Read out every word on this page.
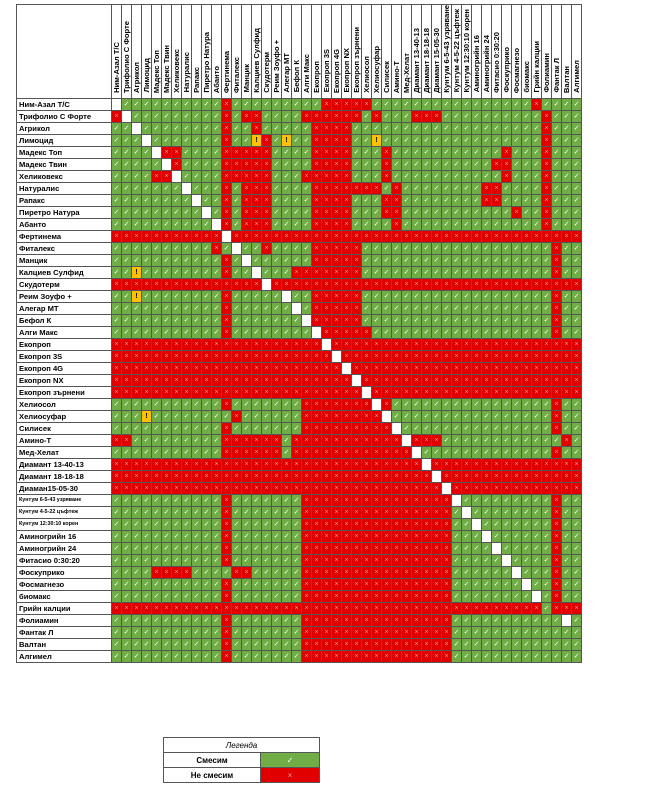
	Ним-Азал Т/С	Трифолио С Форте	Агрикол	Лимоцид	Мадекс Топ	Мадекс Твин	Хеликовекс	Натуралис	Рапакс	Пиретро Натура	Абанто	Фертинема	Фиталекс	Манцик	Калциев Сулфид	Скудотерм	Реим Зоуфо +	Алегар МТ	Бефол К	Алги Макс	Екопроп	Екопроп 3S	Екопроп 4G	Екопроп NX	Екопроп зърнени	Хелиосол	Хелиосуфар	Силисек	Амино-Т	Мед-Хелат	Диамант 13-40-13	Диамант 18-18-18	Диамант 15-05-30	Кунтум 6-5-43 узряване	Кунтум 4-5-22 цъфтеж	Кунтум 12:30:10 корен	Аминогрийн 16	Аминогрийн 24	Фитасио 0:30:20	Фоскуприко	Фосмагнезо	биомакс	Грийн калции	Фолиамин	Фантак Л	Валтан	Алгимел
Ним-Азал Т/С		✓	✓	✓	✓	✓	✓	✓	✓	✓	✓	×	✓	✓	✓	✓	✓	✓	✓	✓	✓	×	×	×	×	×	✓	✓	✓	✓	✓	✓	✓	✓	✓	✓	✓	✓	✓	✓	✓	✓	×	✓	✓	✓	✓
Трифолио С Форте	×		✓	✓	✓	✓	✓	✓	✓	✓	✓	×	✓	×	×	✓	✓	✓	✓	×	×	×	×	×	×	✓	×	✓	✓	✓	×	×	×	✓	✓	✓	✓	✓	✓	✓	✓	✓	✓	×	✓	✓	✓
Агрикол	✓	✓		✓	✓	✓	✓	✓	✓	✓	✓	×	✓	✓	×	✓	✓	✓	✓	✓	×	×	×	×	✓	✓	✓	✓	✓	✓	✓	✓	✓	✓	✓	✓	✓	✓	✓	✓	✓	✓	✓	×	✓	✓	✓
Лимоцид	✓	✓	✓		✓	✓	✓	✓	✓	✓	✓	×	✓	✓	!	×	✓	!	✓	✓	×	×	×	×	✓	✓	!	✓	✓	✓	✓	✓	✓	✓	✓	✓	✓	✓	✓	✓	✓	✓	✓	×	✓	✓	✓
Мадекс Топ	✓	✓	✓	✓		×	×	✓	✓	✓	✓	×	×	×	×	×	✓	✓	✓	✓	×	×	×	×	✓	✓	✓	×	✓	✓	✓	✓	✓	✓	✓	✓	✓	✓	✓	×	✓	✓	✓	×	✓	✓	✓
Мадекс Твин	✓	✓	✓	✓	✓		×	✓	✓	✓	✓	×	×	×	×	×	✓	✓	✓	✓	×	×	×	×	✓	✓	✓	×	✓	✓	✓	✓	✓	✓	✓	✓	✓	✓	×	×	✓	✓	✓	×	✓	✓	✓
Хеликовекс	✓	✓	✓	✓	×	×		✓	✓	✓	✓	×	×	×	×	×	✓	✓	✓	×	×	×	×	×	✓	✓	✓	×	✓	✓	✓	✓	✓	✓	✓	✓	✓	✓	✓	×	✓	✓	✓	×	✓	✓	✓
Натуралис	✓	✓	✓	✓	✓	✓	✓		✓	✓	✓	×	✓	×	×	×	✓	✓	✓	✓	×	×	×	×	×	×	×	✓	×	✓	✓	✓	✓	✓	✓	✓	✓	×	×	✓	✓	✓	✓	×	✓	✓	✓
Рапакс	✓	✓	✓	✓	✓	✓	✓	✓		✓	✓	×	✓	×	×	×	✓	✓	✓	✓	×	×	×	×	✓	✓	✓	×	×	✓	✓	✓	✓	✓	✓	✓	✓	×	×	✓	✓	✓	✓	×	✓	✓	✓
Пиретро Натура	✓	✓	✓	✓	✓	✓	✓	✓	✓		✓	×	✓	×	×	×	✓	✓	✓	✓	×	×	×	×	✓	✓	✓	×	×	✓	✓	✓	✓	✓	✓	✓	✓	✓	✓	✓	×	✓	✓	×	✓	✓	✓
Абанто	✓	✓	✓	✓	✓	✓	✓	✓	✓	✓		×	✓	×	×	×	✓	✓	✓	✓	×	×	×	×	✓	✓	✓	✓	×	✓	✓	✓	✓	✓	✓	✓	✓	✓	✓	✓	✓	✓	✓	×	✓	✓	✓
Фертинема	×	×	×	×	×	×	×	×	×	×	×		×	×	×	×	×	×	×	×	×	×	×	×	×	×	×	×	×	×	×	×	×	×	×	×	×	×	×	×	×	×	×	×	×	×	×
Фиталекс	✓	✓	✓	✓	✓	✓	✓	✓	✓	✓	×	✓		✓	✓	×	✓	✓	✓	✓	×	×	×	×	×	✓	✓	✓	✓	✓	✓	✓	✓	✓	✓	✓	✓	✓	✓	✓	✓	✓	✓	✓	×	✓	✓
Манцик	✓	✓	✓	✓	✓	✓	✓	✓	✓	✓	✓	×	✓		✓	✓	✓	✓	✓	✓	×	×	×	×	×	✓	✓	✓	✓	✓	✓	✓	✓	✓	✓	✓	✓	✓	✓	✓	✓	✓	✓	✓	×	✓	✓
Калциев Сулфид	✓	✓	!	✓	✓	✓	✓	✓	✓	✓	✓	×	✓	✓		✓	✓	✓	×	×	×	×	×	×	×	✓	✓	✓	✓	✓	✓	✓	✓	✓	✓	✓	✓	✓	✓	✓	✓	✓	✓	✓	×	✓	✓
Скудотерм	×	×	×	×	×	×	×	×	×	×	×	×	×	×	×		×	×	×	×	×	×	×	×	×	×	×	×	×	×	×	×	×	×	×	×	×	×	×	×	×	×	×	×	×	×	×
Реим Зоуфо +	✓	✓	!	✓	✓	✓	✓	✓	✓	✓	✓	×	✓	✓	✓	✓	✓		✓	✓	×	×	×	×	×	✓	✓	✓	✓	✓	✓	✓	✓	✓	✓	✓	✓	✓	✓	✓	✓	✓	✓	✓	×	✓	✓
Алегар МТ	✓	✓	✓	✓	✓	✓	✓	✓	✓	✓	✓	×	✓	✓	✓	✓	✓	✓		✓	×	×	×	×	×	✓	✓	✓	✓	✓	✓	✓	✓	✓	✓	✓	✓	✓	✓	✓	✓	✓	✓	✓	×	✓	✓
Бефол К	✓	✓	✓	✓	✓	✓	✓	✓	✓	✓	✓	×	✓	✓	✓	✓	✓	✓	✓		×	×	×	×	×	✓	✓	✓	✓	✓	✓	✓	✓	✓	✓	✓	✓	✓	✓	✓	✓	✓	✓	✓	×	✓	✓
Алги Макс	✓	✓	✓	✓	✓	✓	✓	✓	✓	✓	✓	×	✓	✓	✓	✓	✓	✓	✓	✓		×	×	×	×	×	✓	✓	✓	✓	✓	✓	✓	✓	✓	✓	✓	✓	✓	✓	✓	✓	✓	✓	×	✓	✓
Екопроп	×	×	×	×	×	×	×	×	×	×	×	×	×	×	×	×	×	×	×	×	×		×	×	×	×	×	×	×	×	×	×	×	×	×	×	×	×	×	×	×	×	×	×	×	×	×
Екопроп 3S	×	×	×	×	×	×	×	×	×	×	×	×	×	×	×	×	×	×	×	×	×	×		×	×	×	×	×	×	×	×	×	×	×	×	×	×	×	×	×	×	×	×	×	×	×	×
Екопроп 4G	×	×	×	×	×	×	×	×	×	×	×	×	×	×	×	×	×	×	×	×	×	×	×		×	×	×	×	×	×	×	×	×	×	×	×	×	×	×	×	×	×	×	×	×	×	×
Екопроп NX	×	×	×	×	×	×	×	×	×	×	×	×	×	×	×	×	×	×	×	×	×	×	×	×		×	×	×	×	×	×	×	×	×	×	×	×	×	×	×	×	×	×	×	×	×	×
Екопроп зърнени	×	×	×	×	×	×	×	×	×	×	×	×	×	×	×	×	×	×	×	×	×	×	×	×	×		×	×	×	×	×	×	×	×	×	×	×	×	×	×	×	×	×	×	×	×	×
Хелиосол	✓	✓	✓	✓	✓	✓	✓	✓	✓	✓	✓	×	✓	✓	✓	✓	✓	✓	✓	×	×	×	×	×	×	×		×	✓	✓	✓	✓	✓	✓	✓	✓	✓	✓	✓	✓	✓	✓	✓	✓	×	✓	✓
Хелиосуфар	✓	✓	✓	!	✓	✓	✓	✓	✓	✓	✓	✓	×	✓	✓	✓	✓	✓	✓	×	×	×	×	×	×	×	×		✓	✓	✓	✓	✓	✓	✓	✓	✓	✓	✓	✓	✓	✓	✓	✓	×	✓	✓
Силисек	✓	✓	✓	✓	✓	✓	✓	✓	✓	✓	✓	×	✓	✓	✓	✓	✓	✓	✓	×	×	×	×	×	×	×	×	×		✓	✓	✓	✓	✓	✓	✓	✓	✓	✓	✓	✓	✓	✓	✓	×	✓	✓
Амино-Т	×	×	✓	✓	✓	✓	✓	✓	✓	✓	✓	×	×	×	×	×	×	✓	×	×	×	×	×	×	×	×	×	×	×		×	×	×	✓	✓	✓	✓	✓	✓	✓	✓	✓	✓	✓	✓	×	✓
Мед-Хелат	✓	✓	✓	✓	✓	✓	✓	✓	✓	✓	✓	×	×	×	×	×	×	✓	×	×	×	×	×	×	×	×	×	×	×	×		✓	✓	✓	✓	✓	✓	✓	✓	✓	✓	✓	✓	✓	×	✓	✓
Диамант 13-40-13	×	×	×	×	×	×	×	×	×	×	×	×	×	×	×	×	×	×	×	×	×	×	×	×	×	×	×	×	×	×	×		×	×	×	×	×	×	×	×	×	×	×	×	×	×	×
Диамант 18-18-18	×	×	×	×	×	×	×	×	×	×	×	×	×	×	×	×	×	×	×	×	×	×	×	×	×	×	×	×	×	×	×	×		×	×	×	×	×	×	×	×	×	×	×	×	×	×
Диаман15-05-30	×	×	×	×	×	×	×	×	×	×	×	×	×	×	×	×	×	×	×	×	×	×	×	×	×	×	×	×	×	×	×	×	×		×	×	×	×	×	×	×	×	×	×	×	×	×
Кунтум 6-5-43 узряване	✓	✓	✓	✓	✓	✓	✓	✓	✓	✓	✓	×	✓	✓	✓	✓	✓	✓	✓	×	×	×	×	×	×	×	×	×	×	×	×	×	×	×		✓	✓	✓	✓	✓	✓	✓	✓	✓	×	✓	✓
Кунтум 4-5-22 цъфтеж	✓	✓	✓	✓	✓	✓	✓	✓	✓	✓	✓	×	✓	✓	✓	✓	✓	✓	✓	×	×	×	×	×	×	×	×	×	×	×	×	×	×	×	✓		✓	✓	✓	✓	✓	✓	✓	✓	×	✓	✓
Кунтум 12:30:10 корен	✓	✓	✓	✓	✓	✓	✓	✓	✓	✓	✓	×	✓	✓	✓	✓	✓	✓	✓	×	×	×	×	×	×	×	×	×	×	×	×	×	×	×	✓	✓		✓	✓	✓	✓	✓	✓	✓	×	✓	✓
Аминогрийн 16	✓	✓	✓	✓	✓	✓	✓	✓	✓	✓	✓	×	✓	✓	✓	✓	✓	✓	✓	×	×	×	×	×	×	×	×	×	×	×	×	×	×	×	✓	✓	✓		✓	✓	✓	✓	✓	✓	×	✓	✓
Аминогрийн 24	✓	✓	✓	✓	✓	✓	✓	✓	✓	✓	✓	×	✓	✓	✓	✓	✓	✓	✓	×	×	×	×	×	×	×	×	×	×	×	×	×	×	×	✓	✓	✓	✓		✓	✓	✓	✓	✓	×	✓	✓
Фитасио 0:30:20	✓	✓	✓	✓	✓	✓	✓	✓	✓	✓	✓	×	✓	✓	✓	✓	✓	✓	✓	×	×	×	×	×	×	×	×	×	×	×	×	×	×	×	✓	✓	✓	✓	✓		✓	✓	✓	✓	×	✓	✓
Фоскуприко	✓	✓	✓	✓	×	×	×	×	✓	✓	✓	✓	×	×	✓	✓	✓	✓	✓	×	×	×	×	×	×	×	×	×	×	×	×	×	×	×	✓	✓	✓	✓	✓	✓		✓	✓	✓	×	✓	✓
Фосмагнезо	✓	✓	✓	✓	✓	✓	✓	✓	✓	✓	✓	×	✓	✓	✓	✓	✓	✓	✓	×	×	×	×	×	×	×	×	×	×	×	×	×	×	×	✓	✓	✓	✓	✓	✓	✓		✓	✓	×	✓	✓
биомакс	✓	✓	✓	✓	✓	✓	✓	✓	✓	✓	✓	×	✓	✓	✓	✓	✓	✓	✓	×	×	×	×	×	×	×	×	×	×	×	×	×	×	×	✓	✓	✓	✓	✓	✓	✓	✓		✓	×	✓	✓
Грийн калции	×	×	×	×	×	×	×	×	×	×	×	×	×	×	×	×	×	×	×	×	×	×	×	×	×	×	×	×	×	×	×	×	×	×	×	×	×	×	×	×	×	×	×	✓	×	×	×
Фолиамин	✓	✓	✓	✓	✓	✓	✓	✓	✓	✓	✓	×	✓	✓	✓	✓	✓	✓	✓	×	×	×	×	×	×	×	×	×	×	×	×	×	×	×	✓	✓	✓	✓	✓	✓	✓	✓	✓	✓	✓		✓
Фантак Л	✓	✓	✓	✓	✓	✓	✓	✓	✓	✓	✓	×	✓	✓	✓	✓	✓	✓	✓	×	×	×	×	×	×	×	×	×	×	×	×	×	×	×	✓	✓	✓	✓	✓	✓	✓	✓	✓	✓	✓	✓	✓
Валтан	✓	✓	✓	✓	✓	✓	✓	✓	✓	✓	✓	×	✓	✓	✓	✓	✓	✓	✓	×	×	×	×	×	×	×	×	×	×	×	×	×	×	×	✓	✓	✓	✓	✓	✓	✓	✓	✓	✓	✓	✓	✓
Алгимел	✓	✓	✓	✓	✓	✓	✓	✓	✓	✓	✓	×	✓	✓	✓	✓	✓	✓	✓	×	×	×	×	×	×	×	×	×	×	×	×	×	×	×	✓	✓	✓	✓	✓	✓	✓	✓	✓	✓	✓	✓	✓
Легенда	
Смесим	✓
Не смесим	×
